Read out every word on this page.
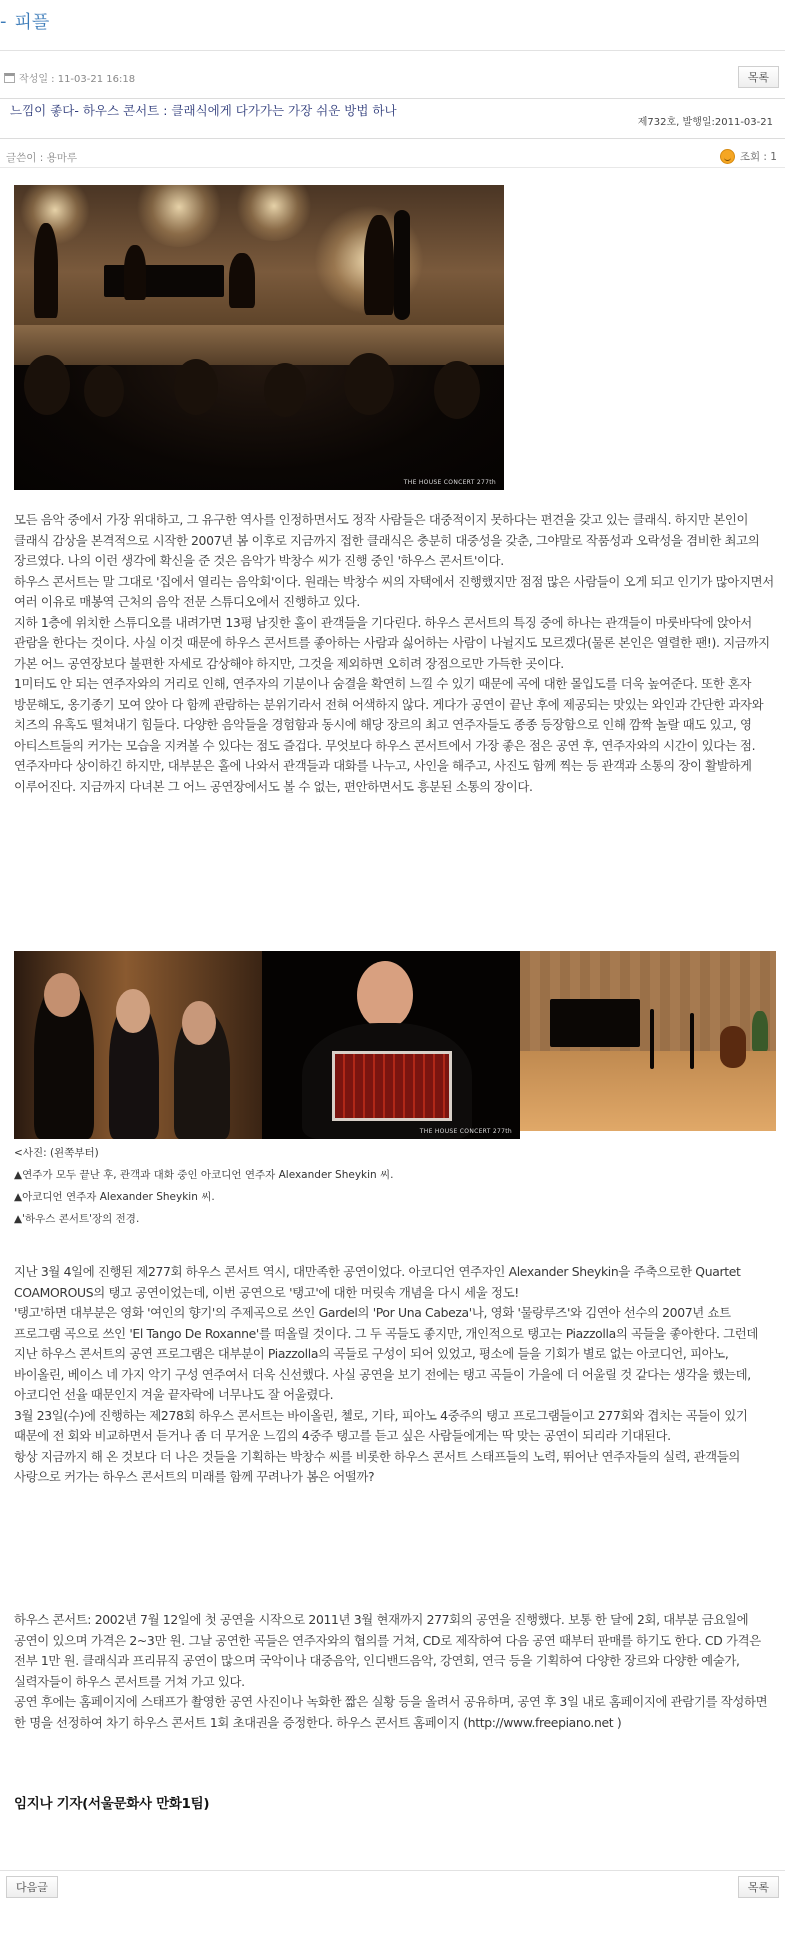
- 피플
작성일 : 11-03-21 16:18	목록
느낌이 좋다- 하우스 콘서트 : 클래식에게 다가가는 가장 쉬운 방법 하나
제732호, 발행일:2011-03-21
글쓴이 : 용마루	조회 : 1
THE HOUSE CONCERT 277th

모든 음악 중에서 가장 위대하고, 그 유구한 역사를 인정하면서도 정작 사람들은 대중적이지 못하다는 편견을 갖고 있는 클래식. 하지만 본인이 클래식 감상을 본격적으로 시작한 2007년 봄 이후로 지금까지 접한 클래식은 충분히 대중성을 갖춘, 그야말로 작품성과 오락성을 겸비한 최고의 장르였다. 나의 이런 생각에 확신을 준 것은 음악가 박창수 씨가 진행 중인 '하우스 콘서트'이다.

하우스 콘서트는 말 그대로 '집에서 열리는 음악회'이다. 원래는 박창수 씨의 자택에서 진행했지만 점점 많은 사람들이 오게 되고 인기가 많아지면서 여러 이유로 매봉역 근처의 음악 전문 스튜디오에서 진행하고 있다.

지하 1층에 위치한 스튜디오를 내려가면 13평 남짓한 홀이 관객들을 기다린다. 하우스 콘서트의 특징 중에 하나는 관객들이 마룻바닥에 앉아서 관람을 한다는 것이다. 사실 이것 때문에 하우스 콘서트를 좋아하는 사람과 싫어하는 사람이 나뉠지도 모르겠다(물론 본인은 열렬한 팬!). 지금까지 가본 어느 공연장보다 불편한 자세로 감상해야 하지만, 그것을 제외하면 오히려 장점으로만 가득한 곳이다.

1미터도 안 되는 연주자와의 거리로 인해, 연주자의 기분이나 숨결을 확연히 느낄 수 있기 때문에 곡에 대한 몰입도를 더욱 높여준다. 또한 혼자 방문해도, 옹기종기 모여 앉아 다 함께 관람하는 분위기라서 전혀 어색하지 않다. 게다가 공연이 끝난 후에 제공되는 맛있는 와인과 간단한 과자와 치즈의 유혹도 떨쳐내기 힘들다. 다양한 음악들을 경험함과 동시에 해당 장르의 최고 연주자들도 종종 등장함으로 인해 깜짝 놀랄 때도 있고, 영 아티스트들의 커가는 모습을 지켜볼 수 있다는 점도 즐겁다. 무엇보다 하우스 콘서트에서 가장 좋은 점은 공연 후, 연주자와의 시간이 있다는 점. 연주자마다 상이하긴 하지만, 대부분은 홀에 나와서 관객들과 대화를 나누고, 사인을 해주고, 사진도 함께 찍는 등 관객과 소통의 장이 활발하게 이루어진다. 지금까지 다녀본 그 어느 공연장에서도 볼 수 없는, 편안하면서도 흥분된 소통의 장이다.

THE HOUSE CONCERT 277th
<사진: (왼쪽부터)
▲연주가 모두 끝난 후, 관객과 대화 중인 아코디언 연주자 Alexander Sheykin 씨.
▲아코디언 연주자 Alexander Sheykin 씨.
▲'하우스 콘서트'장의 전경.

지난 3월 4일에 진행된 제277회 하우스 콘서트 역시, 대만족한 공연이었다. 아코디언 연주자인 Alexander Sheykin을 주축으로한 Quartet COAMOROUS의 탱고 공연이었는데, 이번 공연으로 '탱고'에 대한 머릿속 개념을 다시 세울 정도!

'탱고'하면 대부분은 영화 '여인의 향기'의 주제곡으로 쓰인 Gardel의 'Por Una Cabeza'나, 영화 '물랑루즈'와 김연아 선수의 2007년 쇼트 프로그램 곡으로 쓰인 'El Tango De Roxanne'를 떠올릴 것이다. 그 두 곡들도 좋지만, 개인적으로 탱고는 Piazzolla의 곡들을 좋아한다. 그런데 지난 하우스 콘서트의 공연 프로그램은 대부분이 Piazzolla의 곡들로 구성이 되어 있었고, 평소에 들을 기회가 별로 없는 아코디언, 피아노, 바이올린, 베이스 네 가지 악기 구성 연주여서 더욱 신선했다. 사실 공연을 보기 전에는 탱고 곡들이 가을에 더 어울릴 것 같다는 생각을 했는데, 아코디언 선율 때문인지 겨울 끝자락에 너무나도 잘 어울렸다.

3월 23일(수)에 진행하는 제278회 하우스 콘서트는 바이올린, 첼로, 기타, 피아노 4중주의 탱고 프로그램들이고 277회와 겹치는 곡들이 있기 때문에 전 회와 비교하면서 듣거나 좀 더 무거운 느낌의 4중주 탱고를 듣고 싶은 사람들에게는 딱 맞는 공연이 되리라 기대된다.

항상 지금까지 해 온 것보다 더 나은 것들을 기획하는 박창수 씨를 비롯한 하우스 콘서트 스태프들의 노력, 뛰어난 연주자들의 실력, 관객들의 사랑으로 커가는 하우스 콘서트의 미래를 함께 꾸려나가 봄은 어떨까?

하우스 콘서트: 2002년 7월 12일에 첫 공연을 시작으로 2011년 3월 현재까지 277회의 공연을 진행했다. 보통 한 달에 2회, 대부분 금요일에 공연이 있으며 가격은 2~3만 원. 그날 공연한 곡들은 연주자와의 협의를 거쳐, CD로 제작하여 다음 공연 때부터 판매를 하기도 한다. CD 가격은 전부 1만 원. 클래식과 프리뮤직 공연이 많으며 국악이나 대중음악, 인디밴드음악, 강연회, 연극 등을 기획하여 다양한 장르와 다양한 예술가, 실력자들이 하우스 콘서트를 거쳐 가고 있다.

공연 후에는 홈페이지에 스태프가 촬영한 공연 사진이나 녹화한 짧은 실황 등을 올려서 공유하며, 공연 후 3일 내로 홈페이지에 관람기를 작성하면 한 명을 선정하여 차기 하우스 콘서트 1회 초대권을 증정한다. 하우스 콘서트 홈페이지 (http://www.freepiano.net )

임지나 기자(서울문화사 만화1팀)
다음글	목록
